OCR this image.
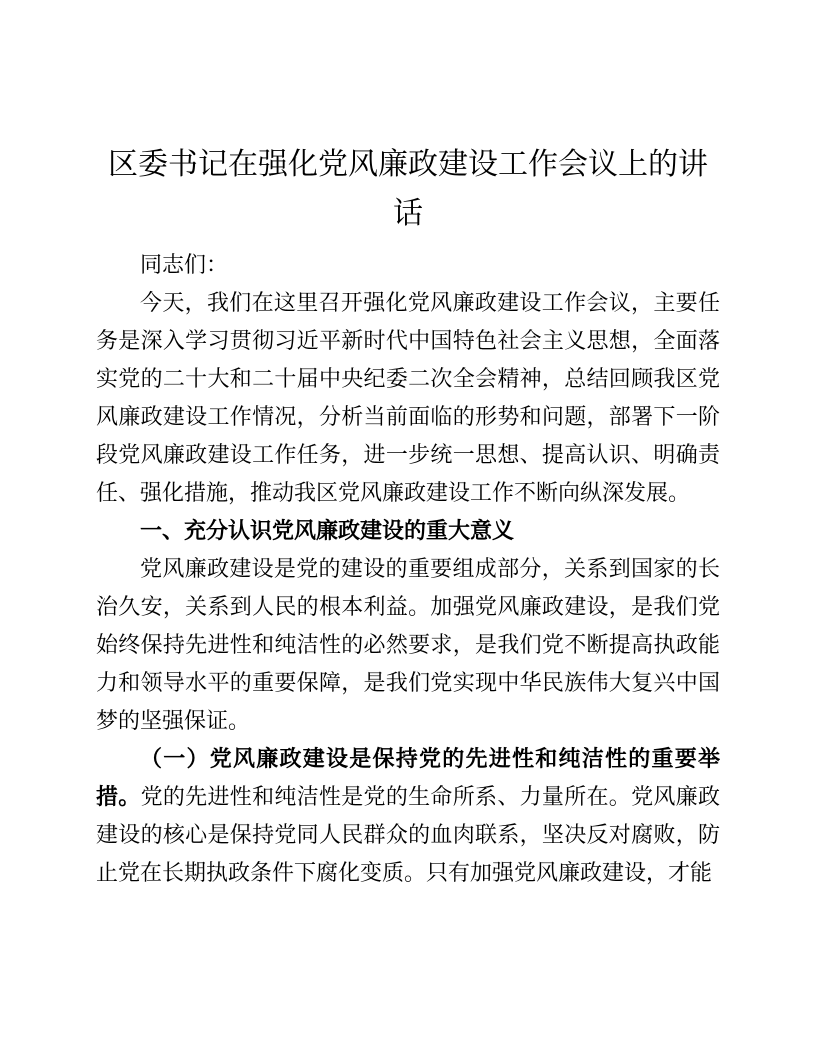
区委书记在强化党风廉政建设工作会议上的讲话

同志们：

今天，我们在这里召开强化党风廉政建设工作会议，主要任务是深入学习贯彻习近平新时代中国特色社会主义思想，全面落实党的二十大和二十届中央纪委二次全会精神，总结回顾我区党风廉政建设工作情况，分析当前面临的形势和问题，部署下一阶段党风廉政建设工作任务，进一步统一思想、提高认识、明确责任、强化措施，推动我区党风廉政建设工作不断向纵深发展。

一、充分认识党风廉政建设的重大意义

党风廉政建设是党的建设的重要组成部分，关系到国家的长治久安，关系到人民的根本利益。加强党风廉政建设，是我们党始终保持先进性和纯洁性的必然要求，是我们党不断提高执政能力和领导水平的重要保障，是我们党实现中华民族伟大复兴中国梦的坚强保证。

（一）党风廉政建设是保持党的先进性和纯洁性的重要举措。党的先进性和纯洁性是党的生命所系、力量所在。党风廉政建设的核心是保持党同人民群众的血肉联系，坚决反对腐败，防止党在长期执政条件下腐化变质。只有加强党风廉政建设，才能
